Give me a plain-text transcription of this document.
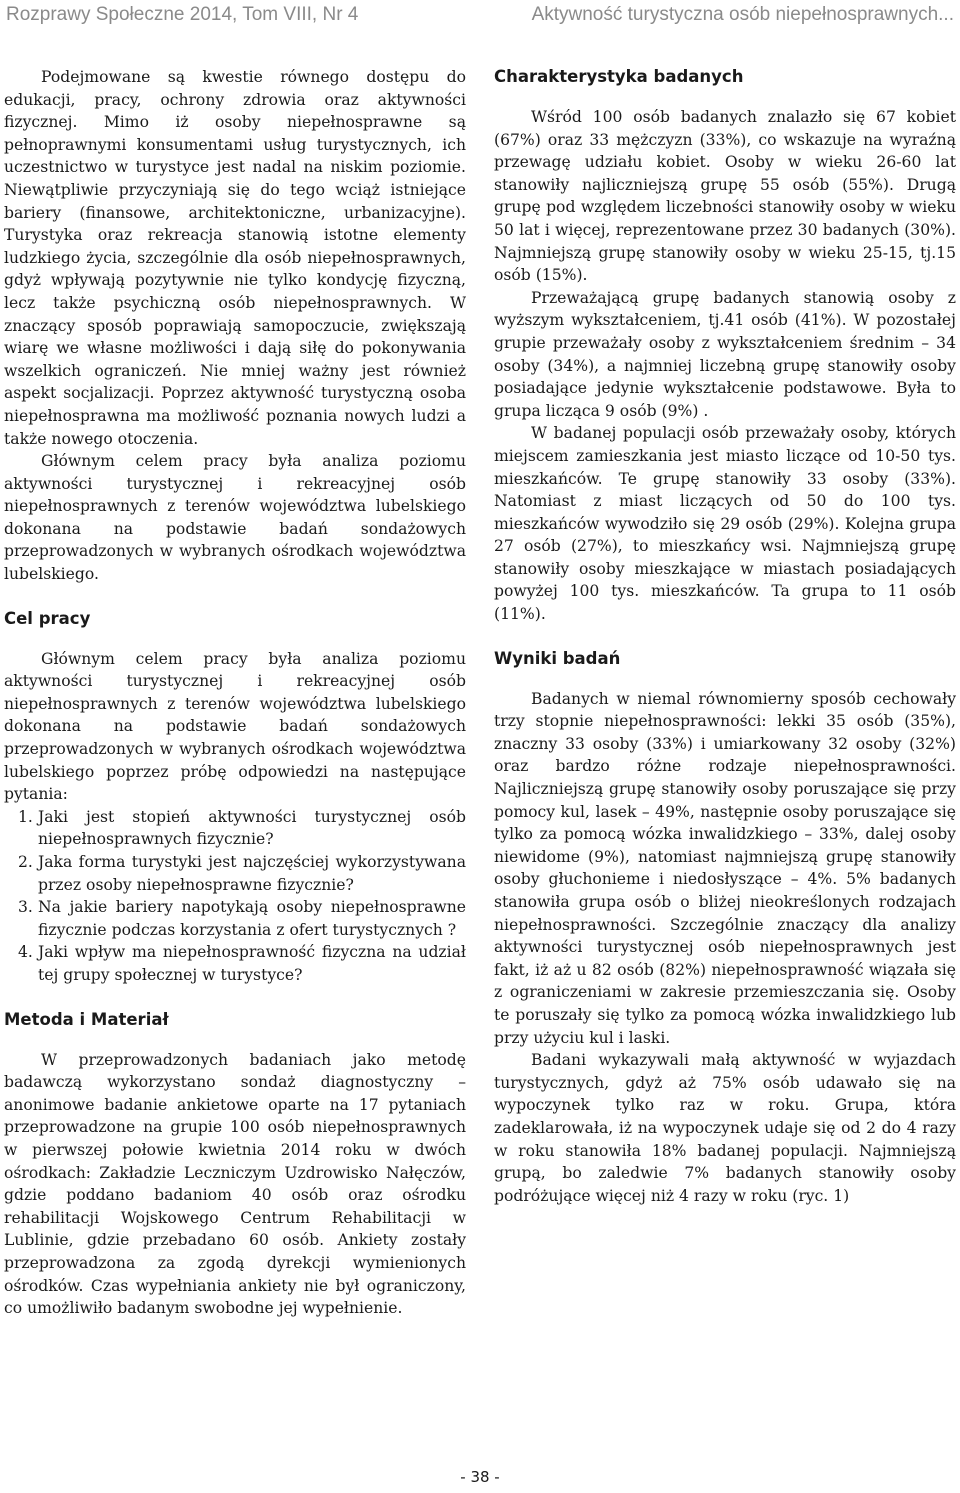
Rozprawy Społeczne 2014, Tom VIII, Nr 4	Aktywność turystyczna osób niepełnosprawnych...

Podejmowane są kwestie równego dostępu do edukacji, pracy, ochrony zdrowia oraz aktywności fizycznej. Mimo iż osoby niepełnosprawne są pełnoprawnymi konsumentami usług turystycznych, ich uczestnictwo w turystyce jest nadal na niskim poziomie. Niewątpliwie przyczyniają się do tego wciąż istniejące bariery (finansowe, architektoniczne, urbanizacyjne). Turystyka oraz rekreacja stanowią istotne elementy ludzkiego życia, szczególnie dla osób niepełnosprawnych, gdyż wpływają pozytywnie nie tylko kondycję fizyczną, lecz także psychiczną osób niepełnosprawnych. W znaczący sposób poprawiają samopoczucie, zwiększają wiarę we własne możliwości i dają siłę do pokonywania wszelkich ograniczeń. Nie mniej ważny jest również aspekt socjalizacji. Poprzez aktywność turystyczną osoba niepełnosprawna ma możliwość poznania nowych ludzi a także nowego otoczenia.

Głównym celem pracy była analiza poziomu aktywności turystycznej i rekreacyjnej osób niepełnosprawnych z terenów województwa lubelskiego dokonana na podstawie badań sondażowych przeprowadzonych w wybranych ośrodkach województwa lubelskiego.

Cel pracy

Głównym celem pracy była analiza poziomu aktywności turystycznej i rekreacyjnej osób niepełnosprawnych z terenów województwa lubelskiego dokonana na podstawie badań sondażowych przeprowadzonych w wybranych ośrodkach województwa lubelskiego poprzez próbę odpowiedzi na następujące pytania:

1. Jaki jest stopień aktywności turystycznej osób niepełnosprawnych fizycznie?
2. Jaka forma turystyki jest najczęściej wykorzystywana przez osoby niepełnosprawne fizycznie?
3. Na jakie bariery napotykają osoby niepełnosprawne fizycznie podczas korzystania z ofert turystycznych ?
4. Jaki wpływ ma niepełnosprawność fizyczna na udział tej grupy społecznej w turystyce?
Metoda i Materiał

W przeprowadzonych badaniach jako metodę badawczą wykorzystano sondaż diagnostyczny – anonimowe badanie ankietowe oparte na 17 pytaniach przeprowadzone na grupie 100 osób niepełnosprawnych w pierwszej połowie kwietnia 2014 roku w dwóch ośrodkach: Zakładzie Leczniczym Uzdrowisko Nałęczów, gdzie poddano badaniom 40 osób oraz ośrodku rehabilitacji Wojskowego Centrum Rehabilitacji w Lublinie, gdzie przebadano 60 osób. Ankiety zostały przeprowadzona za zgodą dyrekcji wymienionych ośrodków. Czas wypełniania ankiety nie był ograniczony, co umożliwiło badanym swobodne jej wypełnienie.

Charakterystyka badanych

Wśród 100 osób badanych znalazło się 67 kobiet (67%) oraz 33 mężczyzn (33%), co wskazuje na wyraźną przewagę udziału kobiet. Osoby w wieku 26-60 lat stanowiły najliczniejszą grupę 55 osób (55%). Drugą grupę pod względem liczebności stanowiły osoby w wieku 50 lat i więcej, reprezentowane przez 30 badanych (30%). Najmniejszą grupę stanowiły osoby w wieku 25-15, tj.15 osób (15%).

Przeważającą grupę badanych stanowią osoby z wyższym wykształceniem, tj.41 osób (41%). W pozostałej grupie przeważały osoby z wykształceniem średnim – 34 osoby (34%), a najmniej liczebną grupę stanowiły osoby posiadające jedynie wykształcenie podstawowe. Była to grupa licząca 9 osób (9%) .

W badanej populacji osób przeważały osoby, których miejscem zamieszkania jest miasto liczące od 10-50 tys. mieszkańców. Te grupę stanowiły 33 osoby (33%). Natomiast z miast liczących od 50 do 100 tys. mieszkańców wywodziło się 29 osób (29%). Kolejna grupa 27 osób (27%), to mieszkańcy wsi. Najmniejszą grupę stanowiły osoby mieszkające w miastach posiadających powyżej 100 tys. mieszkańców. Ta grupa to 11 osób (11%).

Wyniki badań

Badanych w niemal równomierny sposób cechowały trzy stopnie niepełnosprawności: lekki 35 osób (35%), znaczny 33 osoby (33%) i umiarkowany 32 osoby (32%) oraz bardzo różne rodzaje niepełnosprawności. Najliczniejszą grupę stanowiły osoby poruszające się przy pomocy kul, lasek – 49%, następnie osoby poruszające się tylko za pomocą wózka inwalidzkiego – 33%, dalej osoby niewidome (9%), natomiast najmniejszą grupę stanowiły osoby głuchonieme i niedosłyszące – 4%. 5% badanych stanowiła grupa osób o bliżej nieokreślonych rodzajach niepełnosprawności. Szczególnie znaczący dla analizy aktywności turystycznej osób niepełnosprawnych jest fakt, iż aż u 82 osób (82%) niepełnosprawność wiązała się z ograniczeniami w zakresie przemieszczania się. Osoby te poruszały się tylko za pomocą wózka inwalidzkiego lub przy użyciu kul i laski.

Badani wykazywali małą aktywność w wyjazdach turystycznych, gdyż aż 75% osób udawało się na wypoczynek tylko raz w roku. Grupa, która zadeklarowała, iż na wypoczynek udaje się od 2 do 4 razy w roku stanowiła 18% badanej populacji. Najmniejszą grupą, bo zaledwie 7% badanych stanowiły osoby podróżujące więcej niż 4 razy w roku (ryc. 1)

- 38 -
